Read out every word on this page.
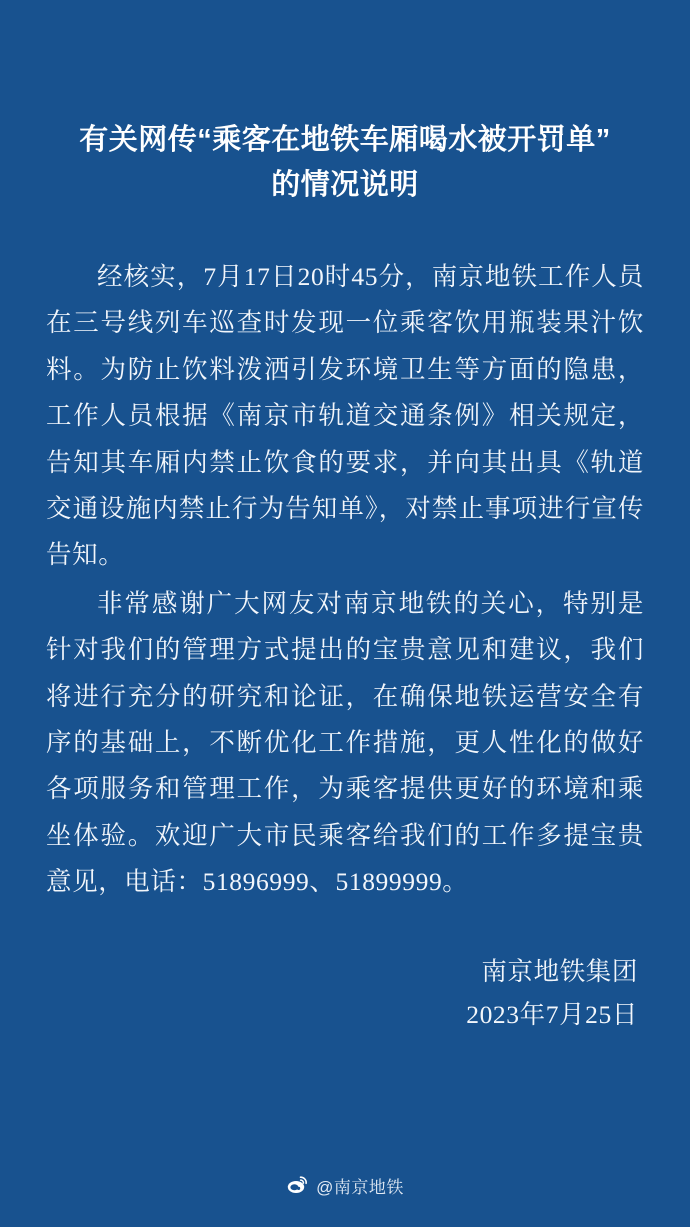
有关网传“乘客在地铁车厢喝水被开罚单”
的情况说明

经核实，7月17日20时45分，南京地铁工作人员在三号线列车巡查时发现一位乘客饮用瓶装果汁饮料。为防止饮料泼洒引发环境卫生等方面的隐患，工作人员根据《南京市轨道交通条例》相关规定，告知其车厢内禁止饮食的要求，并向其出具《轨道交通设施内禁止行为告知单》，对禁止事项进行宣传告知。

非常感谢广大网友对南京地铁的关心，特别是针对我们的管理方式提出的宝贵意见和建议，我们将进行充分的研究和论证，在确保地铁运营安全有序的基础上，不断优化工作措施，更人性化的做好各项服务和管理工作，为乘客提供更好的环境和乘坐体验。欢迎广大市民乘客给我们的工作多提宝贵意见，电话：51896999、51899999。

南京地铁集团
2023年7月25日
@南京地铁
